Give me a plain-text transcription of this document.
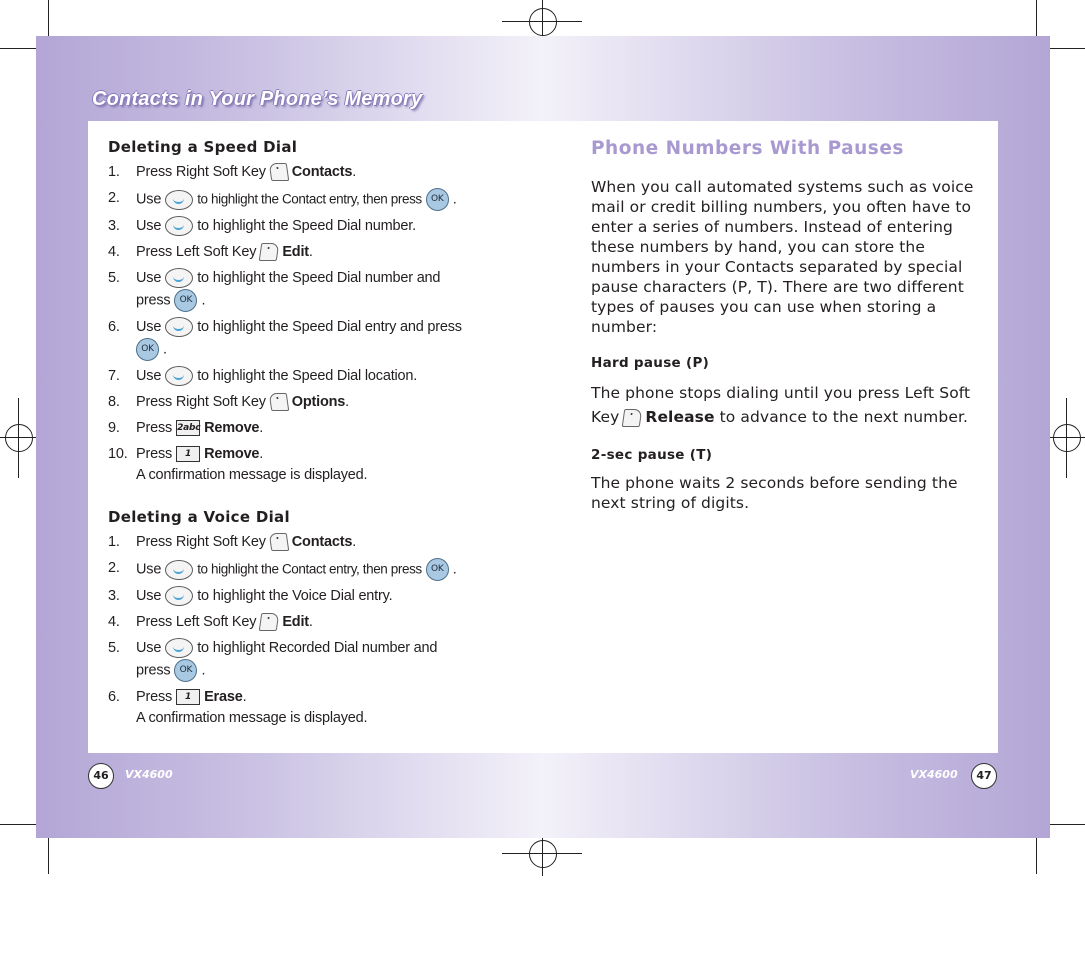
Contacts in Your Phone’s Memory
Deleting a Speed Dial
1. Press Right Soft Key Contacts.
2. Use	to highlight the Contact entry, then press OK .
3. Use to highlight the Speed Dial number.
4. Press Left Soft Key Edit.
5. Use to highlight the Speed Dial number and
press OK .
6. Use to highlight the Speed Dial entry and press
OK .
7. Use to highlight the Speed Dial location.
8. Press Right Soft Key Options.
9. Press 2abc Remove.
10. Press 1 Remove.
A confirmation message is displayed.
Deleting a Voice Dial
1. Press Right Soft Key Contacts.
2. Use	to highlight the Contact entry, then press OK .
3. Use to highlight the Voice Dial entry.
4. Press Left Soft Key Edit.
5. Use to highlight Recorded Dial number and
press OK .
6. Press 1 Erase.
A confirmation message is displayed.
Phone Numbers With Pauses

When you call automated systems such as voice mail or credit billing numbers, you often have to enter a series of numbers. Instead of entering these numbers by hand, you can store the numbers in your Contacts separated by special pause characters (P, T). There are two different types of pauses you can use when storing a number:

Hard pause (P)

The phone stops dialing until you press Left Soft Key Release to advance to the next number.

2-sec pause (T)

The phone waits 2 seconds before sending the next string of digits.

46	VX4600	VX4600	47
